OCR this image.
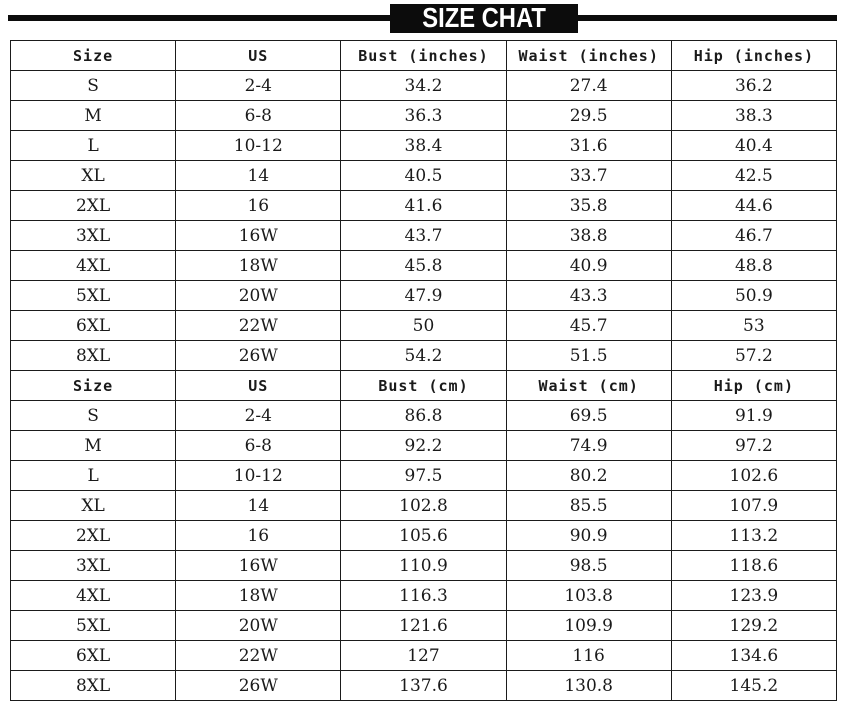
SIZE CHAT
Size	US	Bust (inches)	Waist (inches)	Hip (inches)
S	2-4	34.2	27.4	36.2
M	6-8	36.3	29.5	38.3
L	10-12	38.4	31.6	40.4
XL	14	40.5	33.7	42.5
2XL	16	41.6	35.8	44.6
3XL	16W	43.7	38.8	46.7
4XL	18W	45.8	40.9	48.8
5XL	20W	47.9	43.3	50.9
6XL	22W	50	45.7	53
8XL	26W	54.2	51.5	57.2
Size	US	Bust (cm)	Waist (cm)	Hip (cm)
S	2-4	86.8	69.5	91.9
M	6-8	92.2	74.9	97.2
L	10-12	97.5	80.2	102.6
XL	14	102.8	85.5	107.9
2XL	16	105.6	90.9	113.2
3XL	16W	110.9	98.5	118.6
4XL	18W	116.3	103.8	123.9
5XL	20W	121.6	109.9	129.2
6XL	22W	127	116	134.6
8XL	26W	137.6	130.8	145.2
